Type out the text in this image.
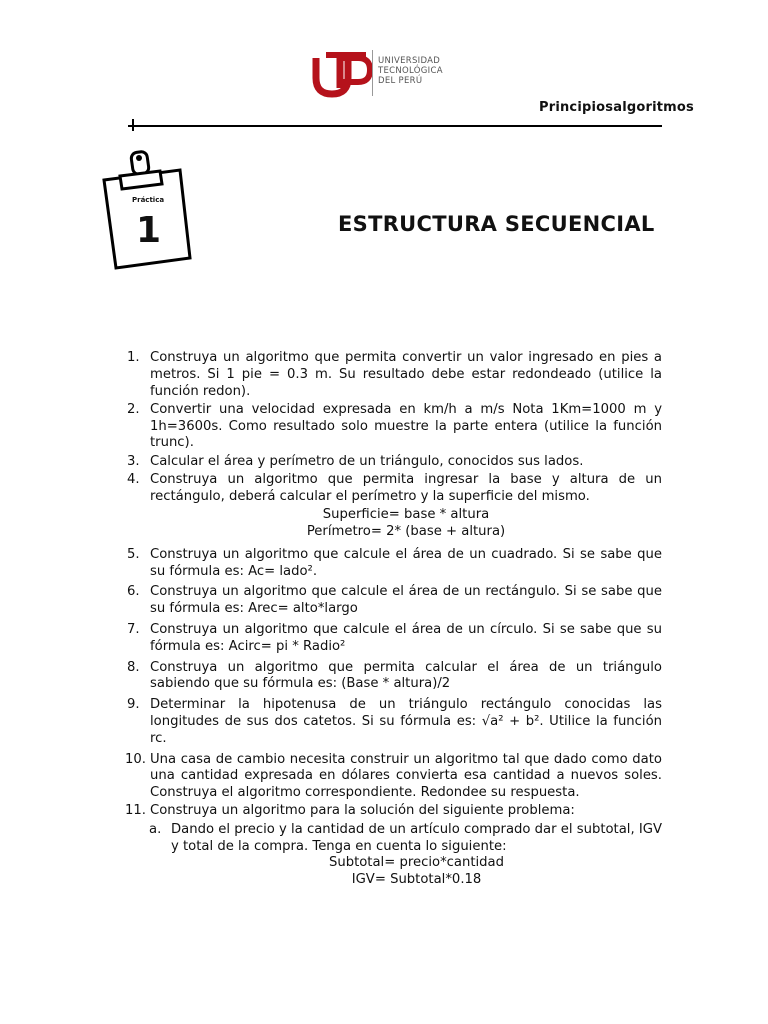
UNIVERSIDAD
TECNOLÓGICA
DEL PERÚ
Principiosalgoritmos
Práctica
1	ESTRUCTURA SECUENCIAL
1. Construya un algoritmo que permita convertir un valor ingresado en pies a metros. Si 1 pie = 0.3 m. Su resultado debe estar redondeado (utilice la función redon).
2. Convertir una velocidad expresada en km/h a m/s Nota 1Km=1000 m y 1h=3600s. Como resultado solo muestre la parte entera (utilice la función trunc).
3. Calcular el área y perímetro de un triángulo, conocidos sus lados.
4. Construya un algoritmo que permita ingresar la base y altura de un rectángulo, deberá calcular el perímetro y la superficie del mismo.
Superficie= base * altura
Perímetro= 2* (base + altura)
5. Construya un algoritmo que calcule el área de un cuadrado. Si se sabe que su fórmula es: Ac= lado².
6. Construya un algoritmo que calcule el área de un rectángulo. Si se sabe que su fórmula es: Arec= alto*largo
7. Construya un algoritmo que calcule el área de un círculo. Si se sabe que su fórmula es: Acirc= pi * Radio²
8. Construya un algoritmo que permita calcular el área de un triángulo sabiendo que su fórmula es: (Base * altura)/2
9. Determinar la hipotenusa de un triángulo rectángulo conocidas las longitudes de sus dos catetos. Si su fórmula es: √a² + b². Utilice la función rc.
10. Una casa de cambio necesita construir un algoritmo tal que dado como dato una cantidad expresada en dólares convierta esa cantidad a nuevos soles. Construya el algoritmo correspondiente. Redondee su respuesta.
11. Construya un algoritmo para la solución del siguiente problema:
a. Dando el precio y la cantidad de un artículo comprado dar el subtotal, IGV y total de la compra. Tenga en cuenta lo siguiente:
Subtotal= precio*cantidad
IGV= Subtotal*0.18
